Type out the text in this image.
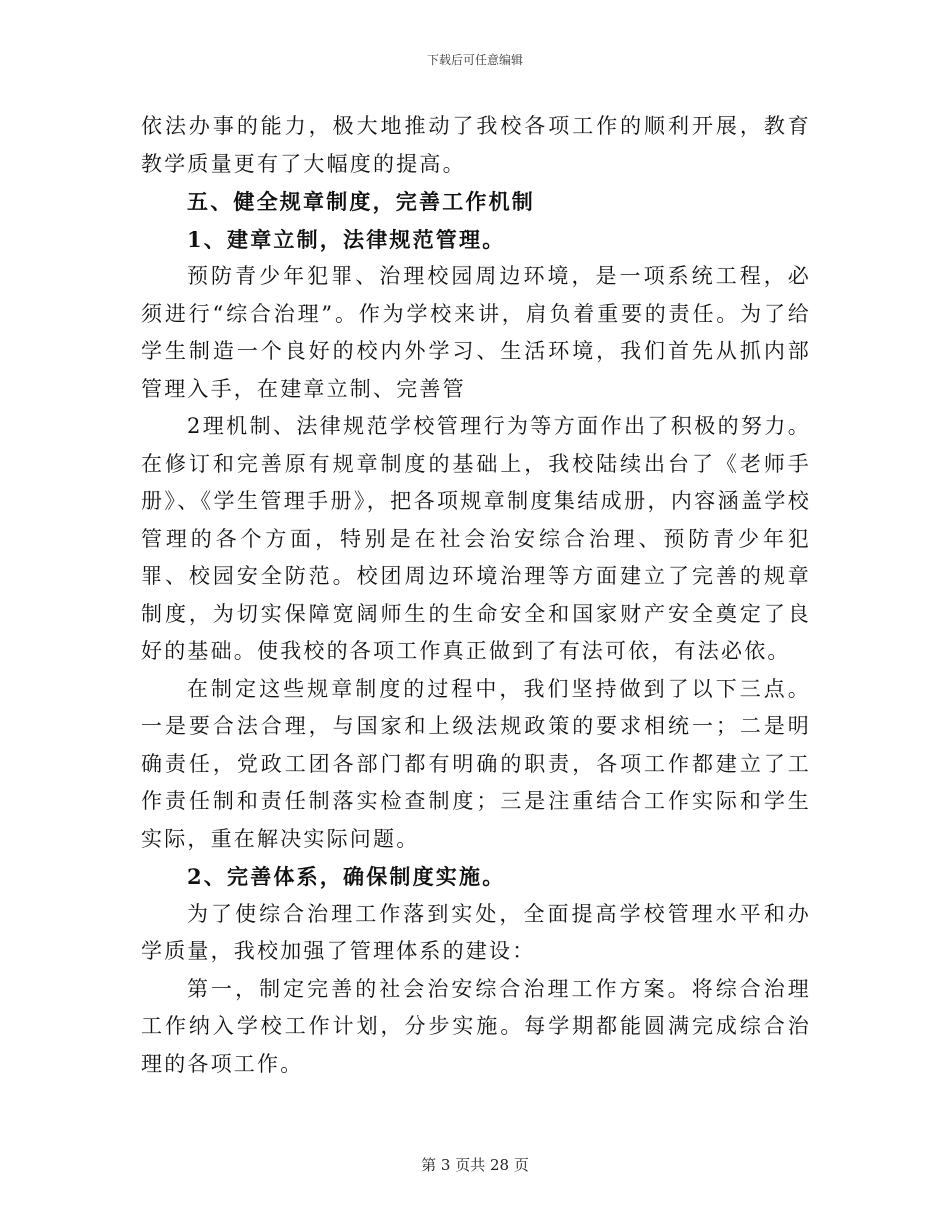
下载后可任意编辑

依法办事的能力，极大地推动了我校各项工作的顺利开展，教育教学质量更有了大幅度的提高。

五、健全规章制度，完善工作机制

1、建章立制，法律规范管理。

预防青少年犯罪、治理校园周边环境，是一项系统工程，必须进行“综合治理”。作为学校来讲，肩负着重要的责任。为了给学生制造一个良好的校内外学习、生活环境，我们首先从抓内部管理入手，在建章立制、完善管

2理机制、法律规范学校管理行为等方面作出了积极的努力。在修订和完善原有规章制度的基础上，我校陆续出台了《老师手册》、《学生管理手册》，把各项规章制度集结成册，内容涵盖学校管理的各个方面，特别是在社会治安综合治理、预防青少年犯罪、校园安全防范。校团周边环境治理等方面建立了完善的规章制度，为切实保障宽阔师生的生命安全和国家财产安全奠定了良好的基础。使我校的各项工作真正做到了有法可依，有法必依。

在制定这些规章制度的过程中，我们坚持做到了以下三点。一是要合法合理，与国家和上级法规政策的要求相统一；二是明确责任，党政工团各部门都有明确的职责，各项工作都建立了工作责任制和责任制落实检查制度；三是注重结合工作实际和学生实际，重在解决实际问题。

2、完善体系，确保制度实施。

为了使综合治理工作落到实处，全面提高学校管理水平和办学质量，我校加强了管理体系的建设：

第一，制定完善的社会治安综合治理工作方案。将综合治理工作纳入学校工作计划，分步实施。每学期都能圆满完成综合治理的各项工作。

第 3 页共 28 页
